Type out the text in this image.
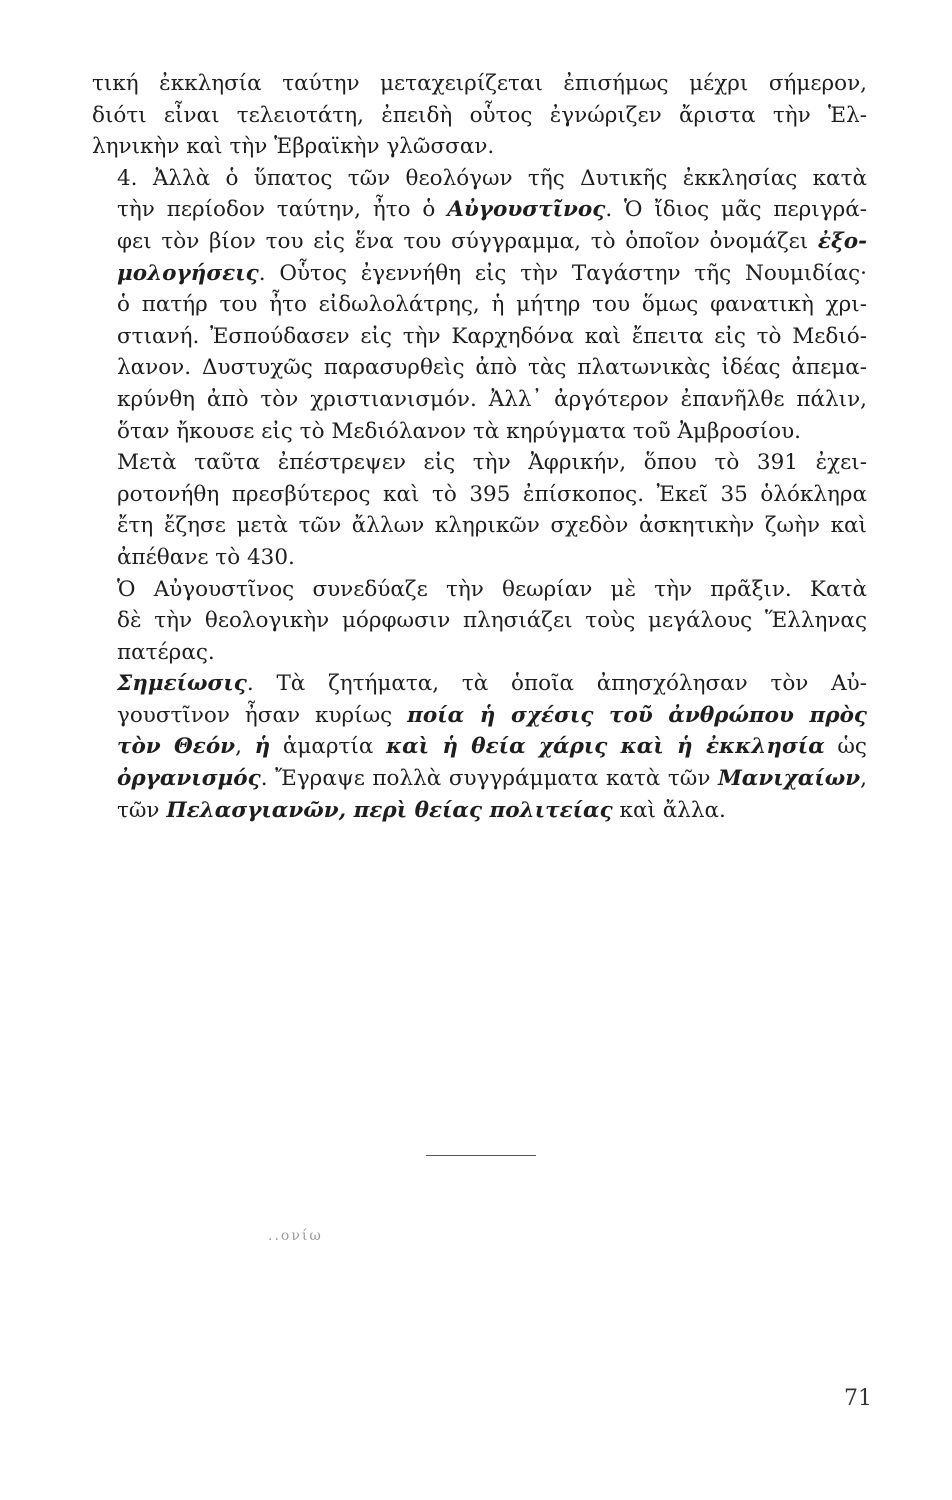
τική ἐκκλησία ταύτην μεταχειρίζεται ἐπισήμως μέχρι σήμερον,
διότι εἶναι τελειοτάτη, ἐπειδὴ οὗτος ἐγνώριζεν ἄριστα τὴν Ἑλ-
ληνικὴν καὶ τὴν Ἑβραϊκὴν γλῶσσαν.

4. Ἀλλὰ ὁ ὕπατος τῶν θεολόγων τῆς Δυτικῆς ἐκκλησίας κατὰ
τὴν περίοδον ταύτην, ἦτο ὁ Αὐγουστῖνος. Ὁ ἴδιος μᾶς περιγρά-
φει τὸν βίον του εἰς ἕνα του σύγγραμμα, τὸ ὁποῖον ὀνομάζει ἐξο-
μολογήσεις. Οὗτος ἐγεννήθη εἰς τὴν Ταγάστην τῆς Νουμιδίας·
ὁ πατήρ του ἦτο εἰδωλολάτρης, ἡ μήτηρ του ὅμως φανατικὴ χρι-
στιανή. Ἐσπούδασεν εἰς τὴν Καρχηδόνα καὶ ἔπειτα εἰς τὸ Μεδιό-
λανον. Δυστυχῶς παρασυρθεὶς ἀπὸ τὰς πλατωνικὰς ἰδέας ἀπεμα-
κρύνθη ἀπὸ τὸν χριστιανισμόν. Ἀλλ᾽ ἀργότερον ἐπανῆλθε πάλιν,
ὅταν ἤκουσε εἰς τὸ Μεδιόλανον τὰ κηρύγματα τοῦ Ἀμβροσίου.

Μετὰ ταῦτα ἐπέστρεψεν εἰς τὴν Ἀφρικήν, ὅπου τὸ 391 ἐχει-
ροτονήθη πρεσβύτερος καὶ τὸ 395 ἐπίσκοπος. Ἐκεῖ 35 ὁλόκληρα
ἔτη ἔζησε μετὰ τῶν ἄλλων κληρικῶν σχεδὸν ἀσκητικὴν ζωὴν καὶ
ἀπέθανε τὸ 430.

Ὁ Αὐγουστῖνος συνεδύαζε τὴν θεωρίαν μὲ τὴν πρᾶξιν. Κατὰ
δὲ τὴν θεολογικὴν μόρφωσιν πλησιάζει τοὺς μεγάλους Ἕλληνας
πατέρας.

Σημείωσις. Τὰ ζητήματα, τὰ ὁποῖα ἀπησχόλησαν τὸν Αὐ-
γουστῖνον ἦσαν κυρίως ποία ἡ σχέσις τοῦ ἀνθρώπου πρὸς
τὸν Θεόν, ἡ ἁμαρτία καὶ ἡ θεία χάρις καὶ ἡ ἐκκλησία ὡς
ὀργανισμός. Ἔγραψε πολλὰ συγγράμματα κατὰ τῶν Μανιχαίων,
τῶν Πελασγιανῶν, περὶ θείας πολιτείας καὶ ἄλλα.

..ονίω
71
